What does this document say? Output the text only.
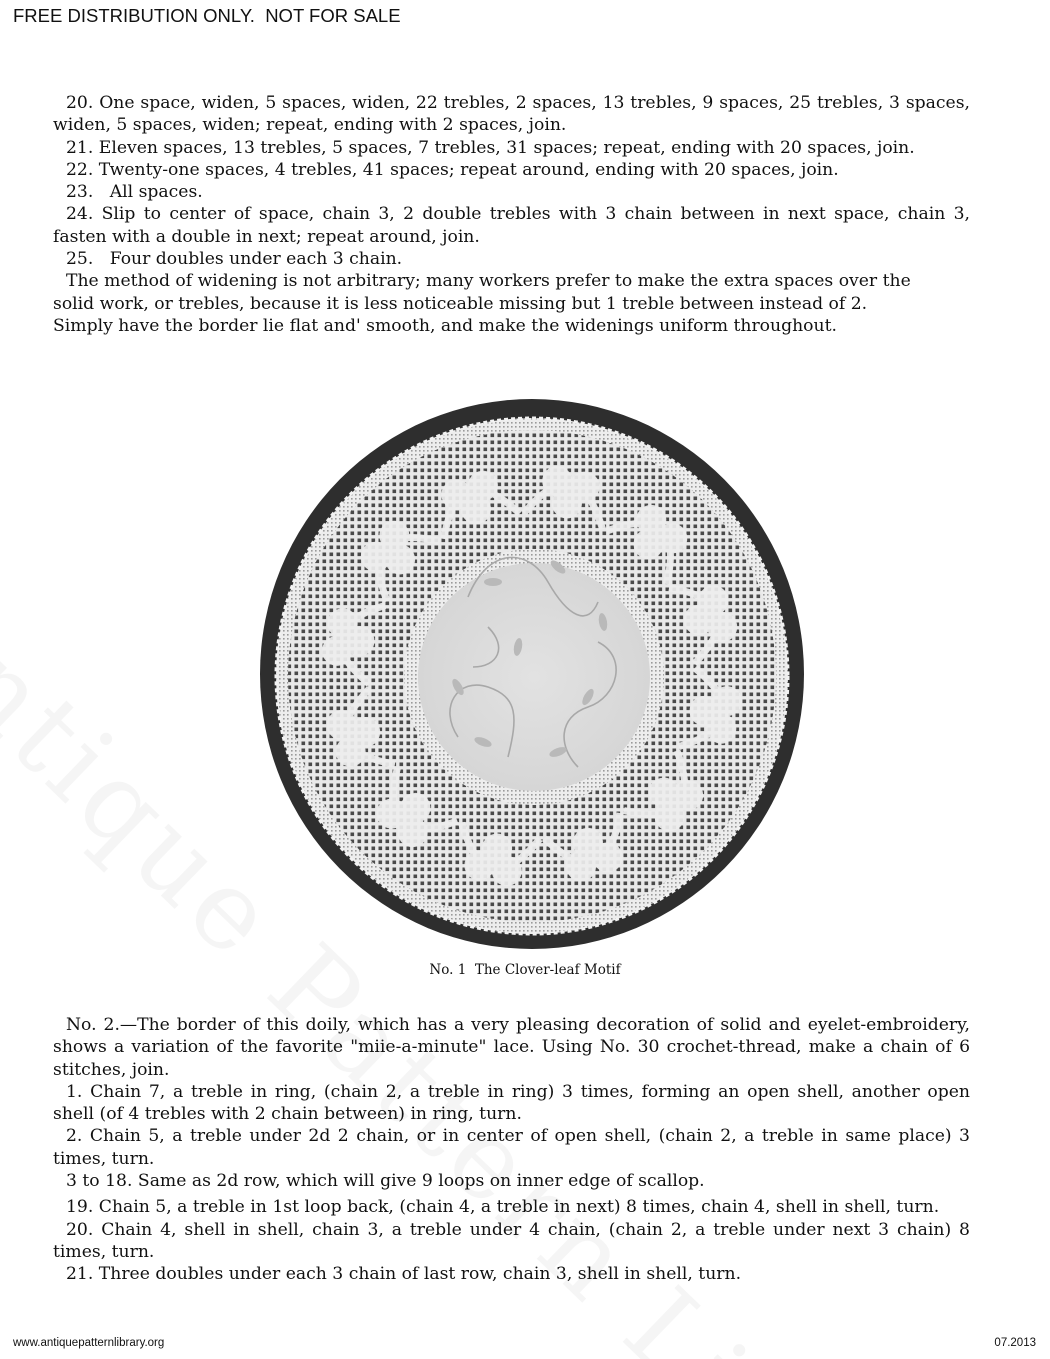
FREE DISTRIBUTION ONLY.  NOT FOR SALE

20. One space, widen, 5 spaces, widen, 22 trebles, 2 spaces, 13 trebles, 9 spaces, 25 trebles, 3 spaces, widen, 5 spaces, widen; repeat, ending with 2 spaces, join.

21. Eleven spaces, 13 trebles, 5 spaces, 7 trebles, 31 spaces; repeat, ending with 20 spaces, join.

22. Twenty-one spaces, 4 trebles, 41 spaces; repeat around, ending with 20 spaces, join.

23.   All spaces.

24. Slip to center of space, chain 3, 2 double trebles with 3 chain between in next space, chain 3, fasten with a double in next; repeat around, join.

25.   Four doubles under each 3 chain.

The method of widening is not arbitrary; many workers prefer to make the extra spaces over the solid work, or trebles, because it is less noticeable missing but 1 treble between instead of 2.   Simply have the border lie flat and' smooth, and make the widenings uniform throughout.

No. 1  The Clover-leaf Motif

No. 2.—The border of this doily, which has a very pleasing decoration of solid and eyelet-embroidery, shows a variation of the favorite "miie-a-minute" lace. Using No. 30 crochet-thread, make a chain of 6 stitches, join.

1. Chain 7, a treble in ring, (chain 2, a treble in ring) 3 times, forming an open shell, another open shell (of 4 trebles with 2 chain between) in ring, turn.

2. Chain 5, a treble under 2d 2 chain, or in center of open shell, (chain 2, a treble in same place) 3 times, turn.

3 to 18. Same as 2d row, which will give 9 loops on inner edge of scallop.

19. Chain 5, a treble in 1st loop back, (chain 4, a treble in next) 8 times, chain 4, shell in shell, turn.

20. Chain 4, shell in shell, chain 3, a treble under 4 chain, (chain 2, a treble under next 3 chain) 8 times, turn.

21. Three doubles under each 3 chain of last row, chain 3, shell in shell, turn.

www.antiquepatternlibrary.org	07.2013
